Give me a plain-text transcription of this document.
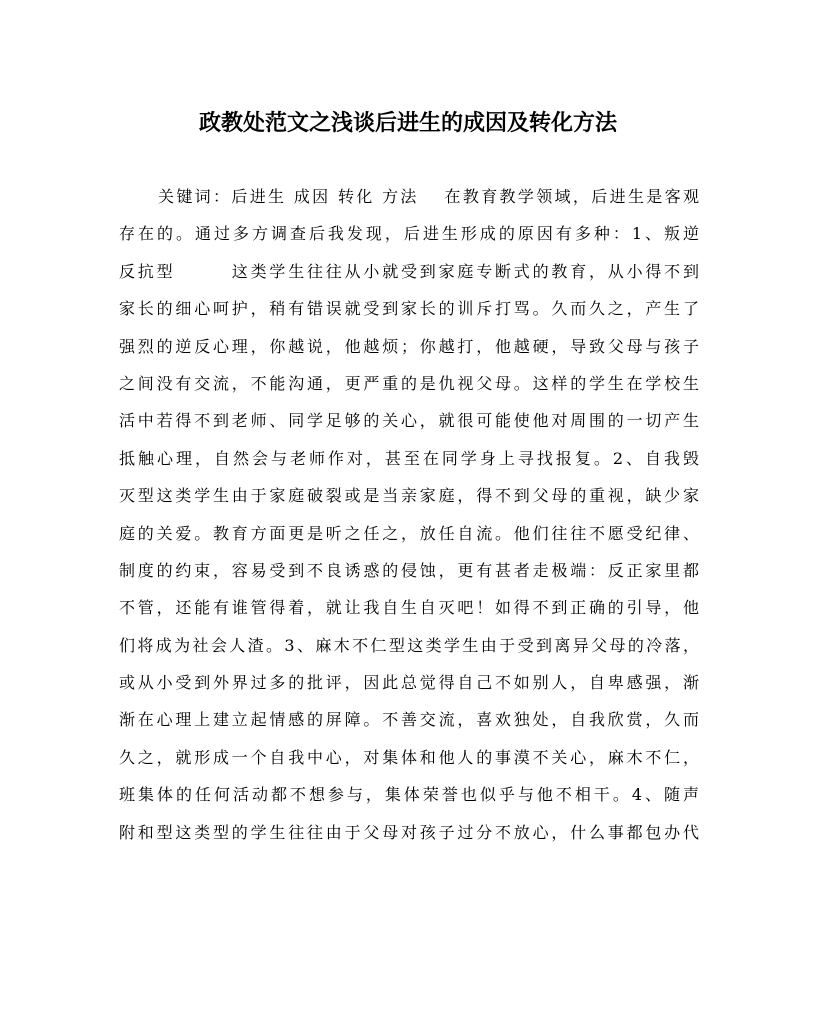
政教处范文之浅谈后进生的成因及转化方法
关键词：后进生 成因 转化 方法　 在教育教学领域，后进生是客观
存在的。通过多方调查后我发现，后进生形成的原因有多种：1、叛逆
反抗型　　　这类学生往往从小就受到家庭专断式的教育，从小得不到
家长的细心呵护，稍有错误就受到家长的训斥打骂。久而久之，产生了
强烈的逆反心理，你越说，他越烦；你越打，他越硬，导致父母与孩子
之间没有交流，不能沟通，更严重的是仇视父母。这样的学生在学校生
活中若得不到老师、同学足够的关心，就很可能使他对周围的一切产生
抵触心理，自然会与老师作对，甚至在同学身上寻找报复。2、自我毁
灭型这类学生由于家庭破裂或是当亲家庭，得不到父母的重视，缺少家
庭的关爱。教育方面更是听之任之，放任自流。他们往往不愿受纪律、
制度的约束，容易受到不良诱惑的侵蚀，更有甚者走极端：反正家里都
不管，还能有谁管得着，就让我自生自灭吧！如得不到正确的引导，他
们将成为社会人渣。3、麻木不仁型这类学生由于受到离异父母的冷落，
或从小受到外界过多的批评，因此总觉得自己不如别人，自卑感强，渐
渐在心理上建立起情感的屏障。不善交流，喜欢独处，自我欣赏，久而
久之，就形成一个自我中心，对集体和他人的事漠不关心，麻木不仁，
班集体的任何活动都不想参与，集体荣誉也似乎与他不相干。4、随声
附和型这类型的学生往往由于父母对孩子过分不放心，什么事都包办代
